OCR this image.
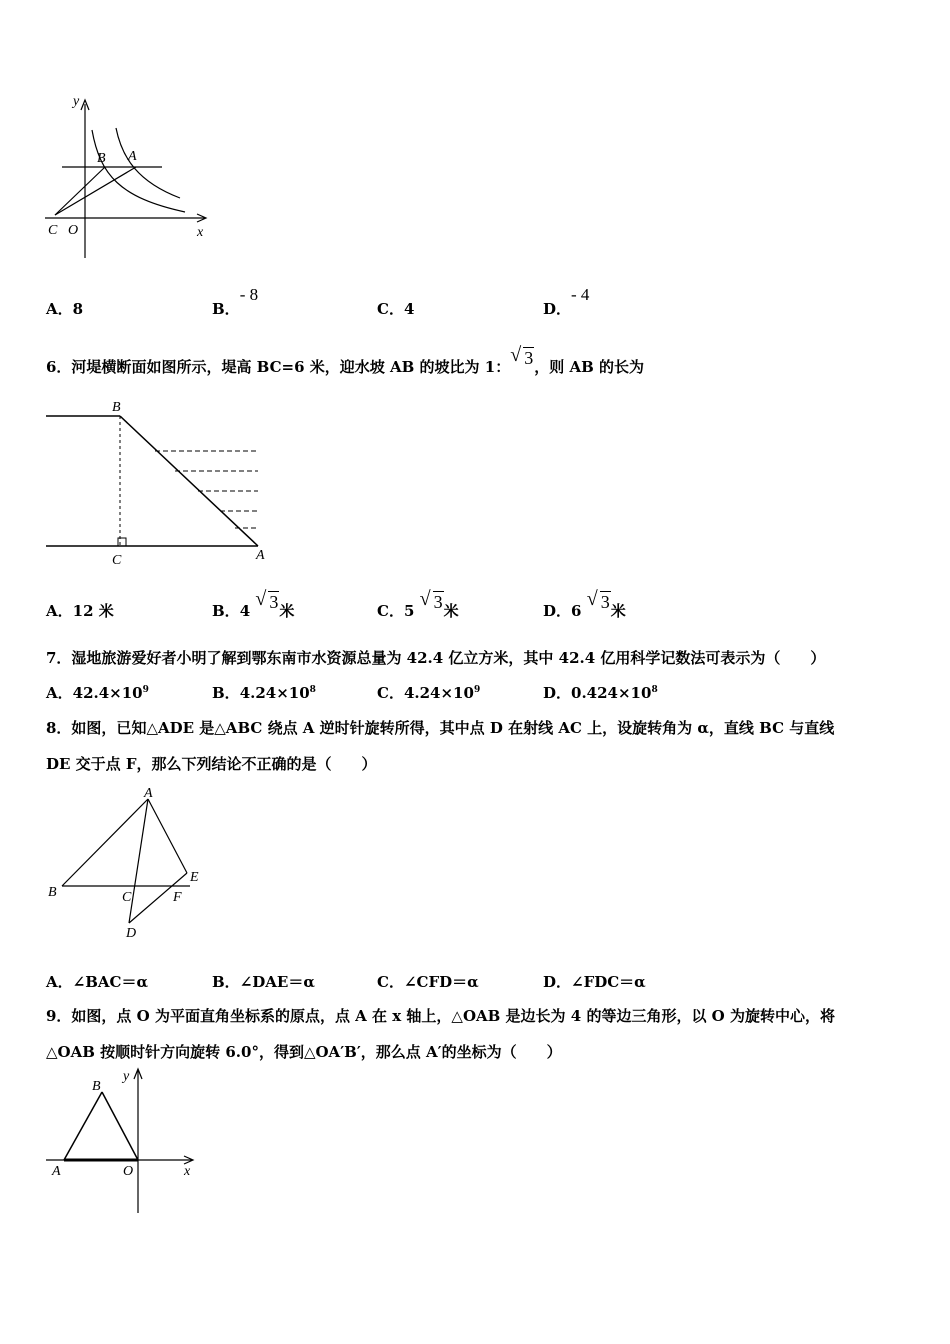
y
B A
C O	x
A．8	B．- 8
C．4	D．- 4
6．河堤横断面如图所示，堤高 BC=6 米，迎水坡 AB 的坡比为 1：
√ 3，则 AB 的长为
B
C	A
A．12 米	B．4
√ 3米	C．5
√ 3米	D．6
√ 3米
7．湿地旅游爱好者小明了解到鄂东南市水资源总量为 42.4 亿立方米，其中 42.4 亿用科学记数法可表示为（　　）
A．$42.4\times 10^9$	B．$4.24\times 10^8$	C．$4.24\times 10^9$	D．$0.424\times 10^8$
8．如图，已知△ADE 是△ABC 绕点 A 逆时针旋转所得，其中点 D 在射线 AC 上，设旋转角为 α，直线 BC 与直线
DE 交于点 F，那么下列结论不正确的是（　　）
A
B	C
E
F
D
A．∠BAC＝α	B．∠DAE＝α	C．∠CFD＝α	D．∠FDC＝α
9．如图，点 O 为平面直角坐标系的原点，点 A 在 x 轴上，△OAB 是边长为 4 的等边三角形，以 O 为旋转中心，将
△OAB 按顺时针方向旋转 6.0°，得到△OA′B′，那么点 A′的坐标为（　　）
B
y
A	O	x
